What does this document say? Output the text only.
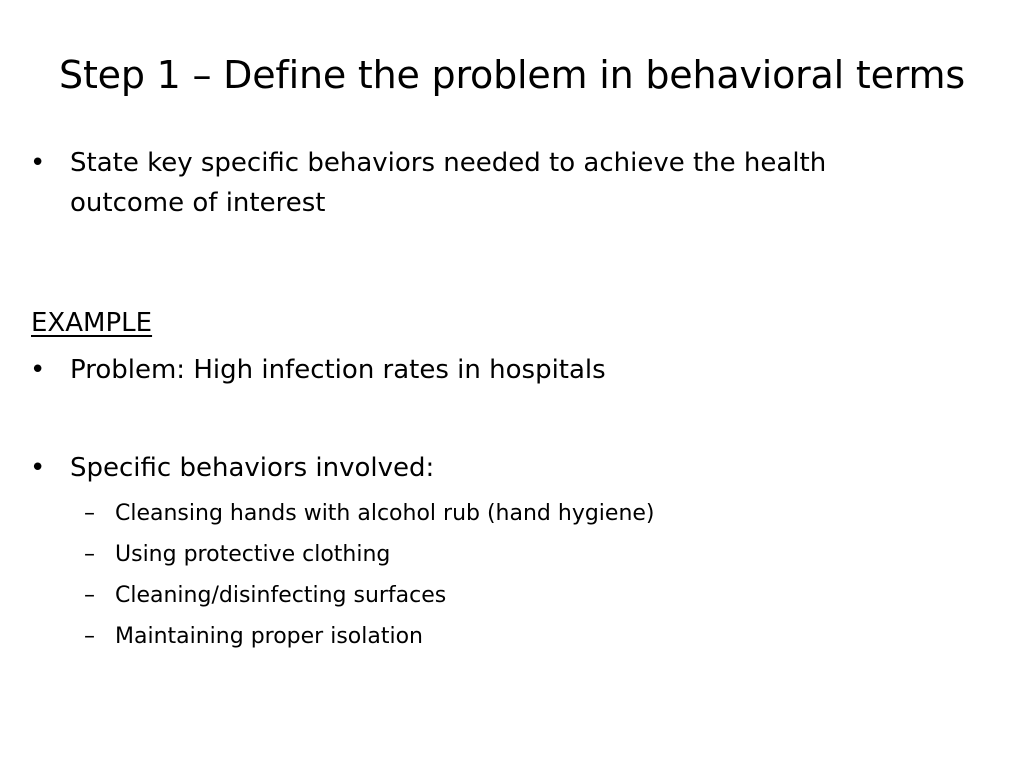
Step 1 – Define the problem in behavioral terms
• State key specific behaviors needed to achieve the health
outcome of interest
EXAMPLE
• Problem: High infection rates in hospitals
• Specific behaviors involved:
– Cleansing hands with alcohol rub (hand hygiene)
– Using protective clothing
– Cleaning/disinfecting surfaces
– Maintaining proper isolation
